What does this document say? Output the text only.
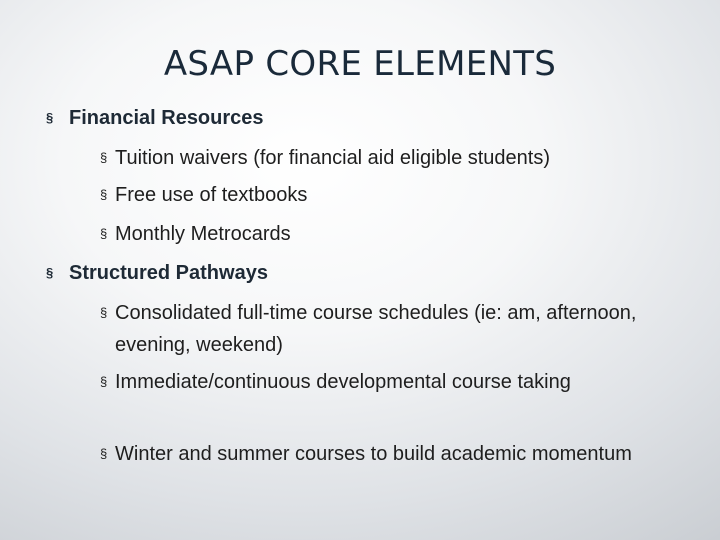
ASAP CORE ELEMENTS
§ Financial Resources
§ Tuition waivers (for financial aid eligible students)
§ Free use of textbooks
§ Monthly Metrocards
§ Structured Pathways
§ Consolidated full-time course schedules (ie: am, afternoon, evening, weekend)
§ Immediate/continuous developmental course taking
§ Winter and summer courses to build academic momentum
